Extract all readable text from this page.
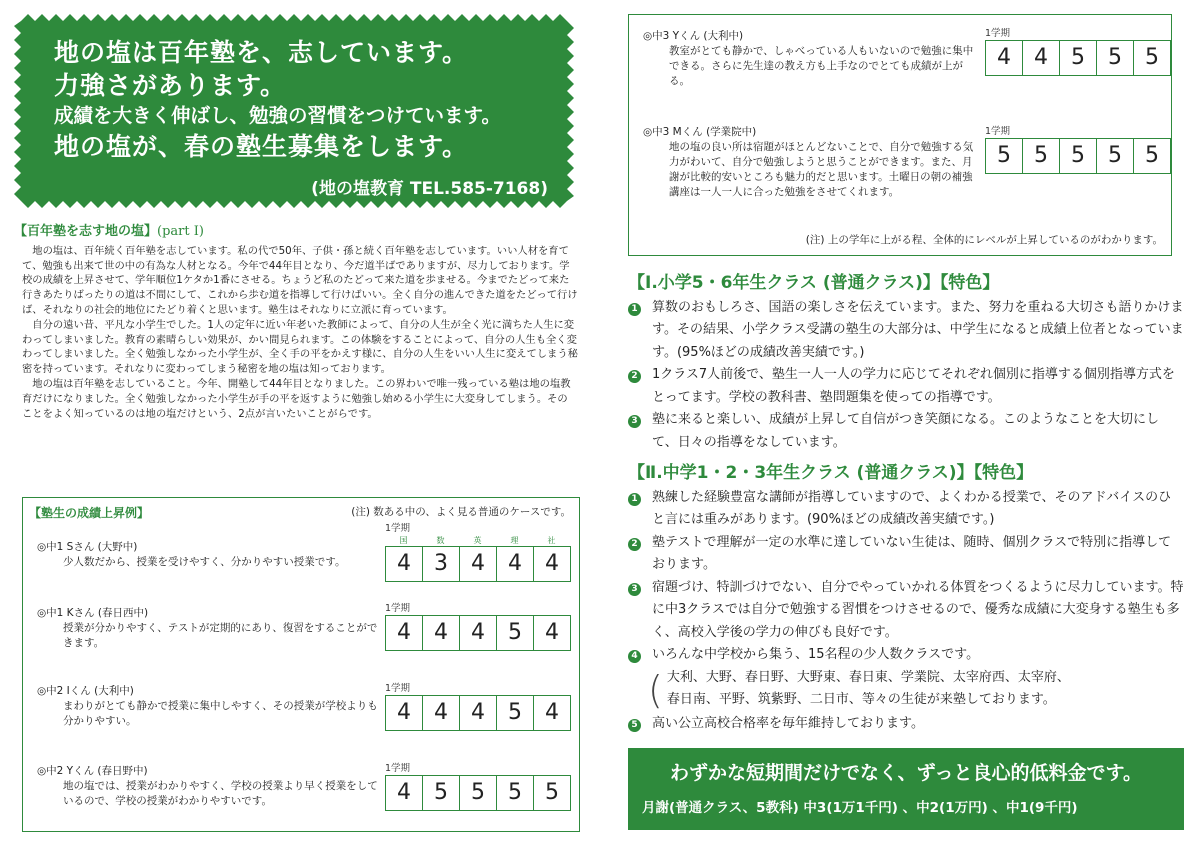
地の塩は百年塾を、志しています。
力強さがあります。
成績を大きく伸ばし、勉強の習慣をつけています。
地の塩が、春の塾生募集をします。
(地の塩教育 TEL.585-7168)
【百年塾を志す地の塩】(part I)

地の塩は、百年続く百年塾を志しています。私の代で50年、子供・孫と続く百年塾を志しています。いい人材を育てて、勉強も出来て世の中の有為な人材となる。今年で44年目となり、今だ道半ばでありますが、尽力しております。学校の成績を上昇させて、学年順位1ケタか1番にさせる。ちょうど私のたどって来た道を歩ませる。今までたどって来た行きあたりばったりの道は不間にして、これから歩む道を指導して行けばいい。全く自分の進んできた道をたどって行けば、それなりの社会的地位にたどり着くと思います。塾生はそれなりに立派に育っています。

自分の遠い昔、平凡な小学生でした。1人の定年に近い年老いた教師によって、自分の人生が全く光に満ちた人生に変わってしまいました。教育の素晴らしい効果が、かい間見られます。この体験をすることによって、自分の人生も全く変わってしまいました。全く勉強しなかった小学生が、全く手の平をかえす様に、自分の人生をいい人生に変えてしまう秘密を持っています。それなりに変わってしまう秘密を地の塩は知っております。

地の塩は百年塾を志していること。今年、開塾して44年目となりました。この界わいで唯一残っている塾は地の塩教育だけになりました。全く勉強しなかった小学生が手の平を返すように勉強し始める小学生に大変身してしまう。そのことをよく知っているのは地の塩だけという、2点が言いたいことがらです。

【塾生の成績上昇例】	(注) 数ある中の、よく見る普通のケースです。
◎中1 Sさん (大野中)
少人数だから、授業を受けやすく、分かりやすい授業です。
1学期
国	数	英	理	社
4	3	4	4	4
◎中1 Kさん (春日西中)
授業が分かりやすく、テストが定期的にあり、復習をすることができます。
1学期
4	4	4	5	4
◎中2 Iくん (大利中)
まわりがとても静かで授業に集中しやすく、その授業が学校よりも分かりやすい。
1学期
4	4	4	5	4
◎中2 Yくん (春日野中)
地の塩では、授業がわかりやすく、学校の授業より早く授業をしているので、学校の授業がわかりやすいです。
1学期
4	5	5	5	5
◎中3 Yくん (大利中)
教室がとても静かで、しゃべっている人もいないので勉強に集中できる。さらに先生達の教え方も上手なのでとても成績が上がる。
1学期
4	4	5	5	5
◎中3 Mくん (学業院中)
地の塩の良い所は宿題がほとんどないことで、自分で勉強する気力がわいて、自分で勉強しようと思うことができます。また、月謝が比較的安いところも魅力的だと思います。土曜日の朝の補強講座は一人一人に合った勉強をさせてくれます。
1学期
5	5	5	5	5
(注) 上の学年に上がる程、全体的にレベルが上昇しているのがわかります。
【Ⅰ.小学5・6年生クラス (普通クラス)】【特色】
1	算数のおもしろさ、国語の楽しさを伝えています。また、努力を重ねる大切さも語りかけます。その結果、小学クラス受講の塾生の大部分は、中学生になると成績上位者となっています。(95%ほどの成績改善実績です。)
2	1クラス7人前後で、塾生一人一人の学力に応じてそれぞれ個別に指導する個別指導方式をとってます。学校の教科書、塾問題集を使っての指導です。
3	塾に来ると楽しい、成績が上昇して自信がつき笑顔になる。このようなことを大切にして、日々の指導をなしています。
【Ⅱ.中学1・2・3年生クラス (普通クラス)】【特色】
1	熟練した経験豊富な講師が指導していますので、よくわかる授業で、そのアドバイスのひと言には重みがあります。(90%ほどの成績改善実績です。)
2	塾テストで理解が一定の水準に達していない生徒は、随時、個別クラスで特別に指導しております。
3	宿題づけ、特訓づけでない、自分でやっていかれる体質をつくるように尽力しています。特に中3クラスでは自分で勉強する習慣をつけさせるので、優秀な成績に大変身する塾生も多く、高校入学後の学力の伸びも良好です。
4	いろんな中学校から集う、15名程の少人数クラスです。
( 大利、大野、春日野、大野東、春日東、学業院、太宰府西、太宰府、
春日南、平野、筑紫野、二日市、等々の生徒が来塾しております。
5	高い公立高校合格率を毎年維持しております。
わずかな短期間だけでなく、ずっと良心的低料金です。
月謝(普通クラス、5教科) 中3(1万1千円) 、中2(1万円) 、中1(9千円)
